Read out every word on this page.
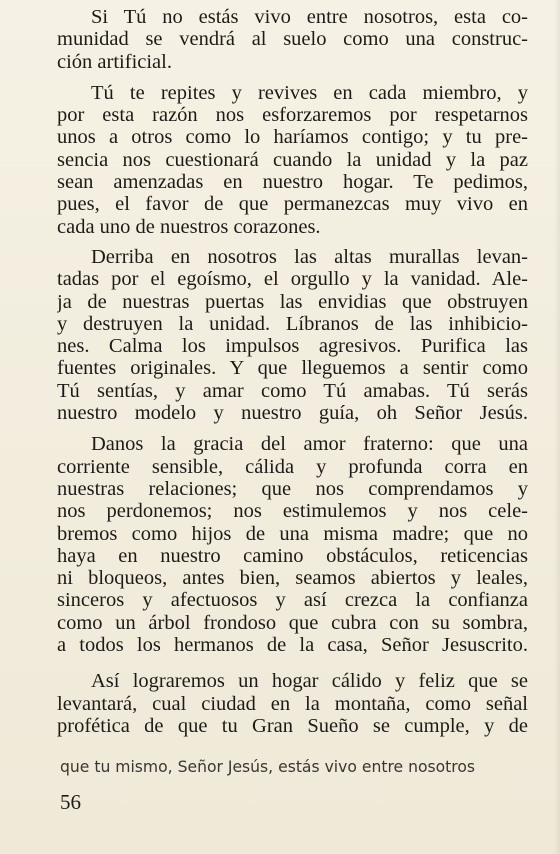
Si Tú no estás vivo entre nosotros, esta co-
munidad se vendrá al suelo como una construc-
ción artificial.

Tú te repites y revives en cada miembro, y
por esta razón nos esforzaremos por respetarnos
unos a otros como lo haríamos contigo; y tu pre-
sencia nos cuestionará cuando la unidad y la paz
sean amenzadas en nuestro hogar. Te pedimos,
pues, el favor de que permanezcas muy vivo en
cada uno de nuestros corazones.

Derriba en nosotros las altas murallas levan-
tadas por el egoísmo, el orgullo y la vanidad. Ale-
ja de nuestras puertas las envidias que obstruyen
y destruyen la unidad. Líbranos de las inhibicio-
nes. Calma los impulsos agresivos. Purifica las
fuentes originales. Y que lleguemos a sentir como
Tú sentías, y amar como Tú amabas. Tú serás
nuestro modelo y nuestro guía, oh Señor Jesús.

Danos la gracia del amor fraterno: que una
corriente sensible, cálida y profunda corra en
nuestras relaciones; que nos comprendamos y
nos perdonemos; nos estimulemos y nos cele-
bremos como hijos de una misma madre; que no
haya en nuestro camino obstáculos, reticencias
ni bloqueos, antes bien, seamos abiertos y leales,
sinceros y afectuosos y así crezca la confianza
como un árbol frondoso que cubra con su sombra,
a todos los hermanos de la casa, Señor Jesuscrito.

Así lograremos un hogar cálido y feliz que se
levantará, cual ciudad en la montaña, como señal
profética de que tu Gran Sueño se cumple, y de

que tu mismo, Señor Jesús, estás vivo entre nosotros
56
